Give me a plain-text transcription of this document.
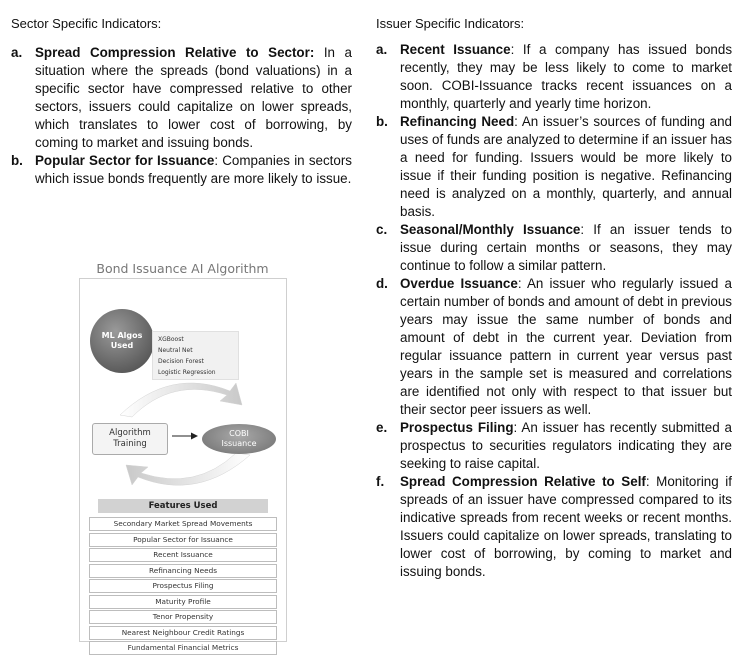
Sector Specific Indicators:
a. Spread Compression Relative to Sector: In a situation where the spreads (bond valuations) in a specific sector have compressed relative to other sectors, issuers could capitalize on lower spreads, which translates to lower cost of borrowing, by coming to market and issuing bonds.
b. Popular Sector for Issuance: Companies in sectors which issue bonds frequently are more likely to issue.
Issuer Specific Indicators:
a. Recent Issuance: If a company has issued bonds recently, they may be less likely to come to market soon. COBI-Issuance tracks recent issuances on a monthly, quarterly and yearly time horizon.
b. Refinancing Need: An issuer’s sources of funding and uses of funds are analyzed to determine if an issuer has a need for funding. Issuers would be more likely to issue if their funding position is negative. Refinancing need is analyzed on a monthly, quarterly, and annual basis.
c. Seasonal/Monthly Issuance: If an issuer tends to issue during certain months or seasons, they may continue to follow a similar pattern.
d. Overdue Issuance: An issuer who regularly issued a certain number of bonds and amount of debt in previous years may issue the same number of bonds and amount of debt in the current year. Deviation from regular issuance pattern in current year versus past years in the sample set is measured and correlations are identified not only with respect to that issuer but their sector peer issuers as well.
e. Prospectus Filing: An issuer has recently submitted a prospectus to securities regulators indicating they are seeking to raise capital.
f. Spread Compression Relative to Self: Monitoring if spreads of an issuer have compressed compared to its indicative spreads from recent weeks or recent months. Issuers could capitalize on lower spreads, translating to lower cost of borrowing, by coming to market and issuing bonds.
Bond Issuance AI Algorithm
ML Algos
Used
XGBoost
Neutral Net
Decision Forest
Logistic Regression
Algorithm
Training
COBI
Issuance
Features Used
Secondary Market Spread Movements
Popular Sector for Issuance
Recent Issuance
Refinancing Needs
Prospectus Filing
Maturity Profile
Tenor Propensity
Nearest Neighbour Credit Ratings
Fundamental Financial Metrics
